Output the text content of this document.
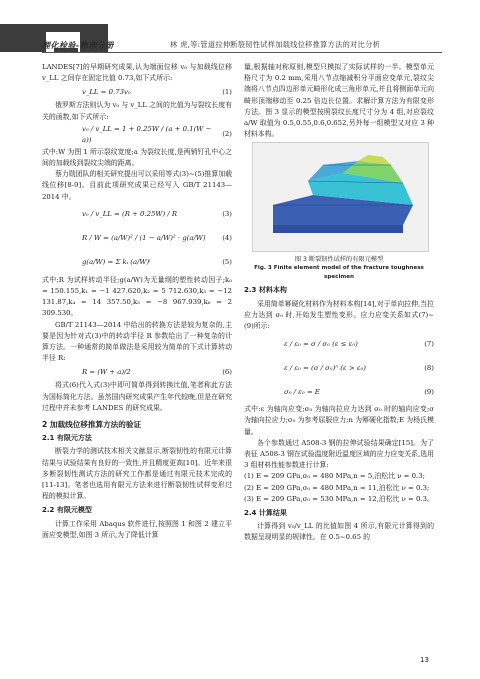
理化检验-物理分册	林 虎,等:管道拉伸断裂韧性试样加载线位移推算方法的对比分析

LANDES[7]的早期研究成果,认为端面位移 v₀ 与加载线位移 v_LL 之间存在固定比值 0.73,如下式所示:

v_LL = 0.73v₀	(1)

俄罗斯方法则认为 v₀ 与 v_LL 之间的比值为与裂纹长度有关的函数,如下式所示:

v₀ / v_LL = 1 + 0.25W / (a + 0.1(W − a))
(2)

式中:W 为图 1 所示裂纹宽度;a 为裂纹长度,是两销钉孔中心之间的加载线到裂纹尖端的距离。

蔡力勋团队的相关研究提出可以采用等式(3)~(5)推算加载线位移[8-9]。目前此项研究成果已经写入 GB/T 21143—2014 中。

v₀ / v_LL = (R + 0.25W) / R	(3)
R / W = (a/W)² / (1 − a/W)² · g(a/W) (4)
g(a/W) = Σ kᵢ (a/W)ⁱ	(5)

式中:R 为试样转动半径;g(a/W)为无量纲的塑性转动因子;k₀ = 150.155,k₁ = −1 427.620,k₂ = 5 712.630,k₃ = −12 131.87,k₄ = 14 357.50,k₅ = −8 967.939,k₆ = 2 309.530。

GB/T 21143—2014 中给出的转换方法是较为复杂的,主要是因为针对式(3)中的转动半径 R 参数给出了一种复杂的计算方法。一种通常的简单做法是采用较为简单的下式计算转动半径 R:

R = (W + a)/2	(6)

将式(6)代入式(3)中即可简单得到转换比值,笔者称此方法为国标简化方法。虽然国内研究成果产生年代较晚,但是在研究过程中并未参考 LANDES 的研究成果。

2 加载线位移推算方法的验证
2.1 有限元方法

断裂力学的测试技术相关文献显示,断裂韧性的有限元计算结果与试验结果有良好的一致性,并且精度更高[10]。近年来很多断裂韧性测试方法的研究工作都是通过有限元技术完成的[11-13]。笔者也选用有限元方法来进行断裂韧性试样变形过程的模拟计算。

2.2 有限元模型

计算工作采用 Abaqus 软件进行,按照图 1 和图 2 建立平面应变模型,如图 3 所示,为了降低计算

量,根据轴对称原则,模型只模拟了实际试样的一半。模型单元格尺寸为 0.2 mm,采用八节点缩减积分平面应变单元,裂纹尖端将八节点四边形单元畸形化成三角形单元,并且将侧面单元向畸形顶端移动至 0.25 倍边长位置。求解计算方法为有限变形方法。图 3 显示的模型按照裂纹长度尺寸分为 4 组,对应裂纹 a/W 取值为 0.5,0.55,0.6,0.652,另外每一组模型又对应 3 种材料本构。

图 3 断裂韧性试样的有限元模型
Fig. 3 Finite element model of the fracture toughness specimen
2.3 材料本构

采用简单幂硬化材料作为材料本构[14],对于单向拉伸,当拉应力达到 σ₀ 时,开始发生塑性变形。应力应变关系如式(7)~(9)所示:

ε / ε₀ = σ / σ₀ (ε ≤ ε₀)	(7)
ε / ε₀ = (σ / σ₀)ⁿ (ε > ε₀)	(8)
σ₀ / ε₀ = E	(9)

式中:ε 为轴向应变;σ₀ 为轴向拉应力达到 σ₀ 时的轴向应变;σ 为轴向拉应力;σ₀ 为参考屈服应力;n 为幂硬化指数;E 为杨氏模量。

各个参数通过 A508-3 钢的拉伸试验结果确定[15]。为了表征 A508-3 钢在试验温度附近温度区域的应力应变关系,选用 3 组材料性能参数进行计算:

(1) E = 209 GPa,σ₀ = 480 MPa,n = 5,泊松比 ν = 0.3;

(2) E = 209 GPa,σ₀ = 480 MPa,n = 11,泊松比 ν = 0.3;

(3) E = 209 GPa,σ₀ = 530 MPa,n = 12,泊松比 ν = 0.3。

2.4 计算结果

计算得到 v₀/v_LL 的比值如图 4 所示,有限元计算得到的数据呈现明显的规律性。在 0.5~0.65 的

13
